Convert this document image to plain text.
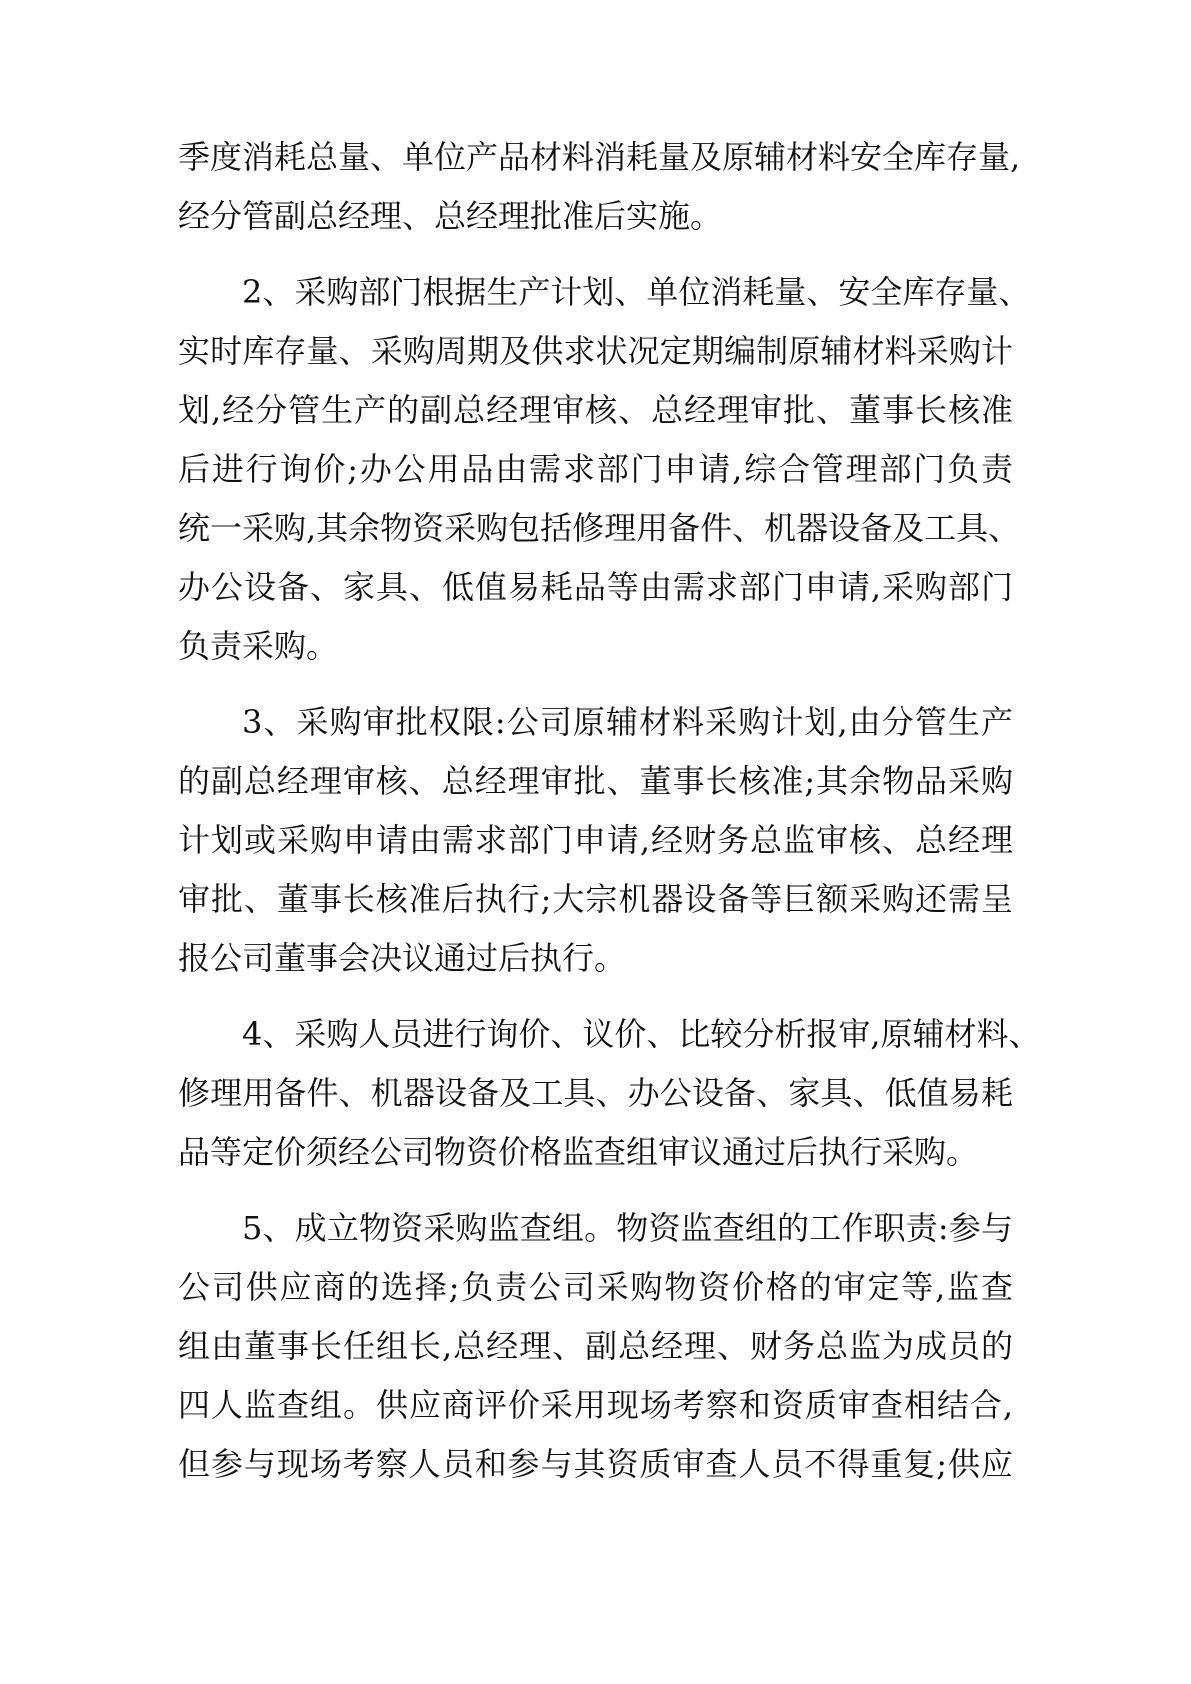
季度消耗总量、单位产品材料消耗量及原辅材料安全库存量,
经分管副总经理、总经理批准后实施。
2、采购部门根据生产计划、单位消耗量、安全库存量、
实时库存量、采购周期及供求状况定期编制原辅材料采购计
划,经分管生产的副总经理审核、总经理审批、董事长核准
后进行询价;办公用品由需求部门申请,综合管理部门负责
统一采购,其余物资采购包括修理用备件、机器设备及工具、
办公设备、家具、低值易耗品等由需求部门申请,采购部门
负责采购。
3、采购审批权限:公司原辅材料采购计划,由分管生产
的副总经理审核、总经理审批、董事长核准;其余物品采购
计划或采购申请由需求部门申请,经财务总监审核、总经理
审批、董事长核准后执行;大宗机器设备等巨额采购还需呈
报公司董事会决议通过后执行。
4、采购人员进行询价、议价、比较分析报审,原辅材料、
修理用备件、机器设备及工具、办公设备、家具、低值易耗
品等定价须经公司物资价格监查组审议通过后执行采购。
5、成立物资采购监查组。物资监查组的工作职责:参与
公司供应商的选择;负责公司采购物资价格的审定等,监查
组由董事长任组长,总经理、副总经理、财务总监为成员的
四人监查组。供应商评价采用现场考察和资质审查相结合,
但参与现场考察人员和参与其资质审查人员不得重复;供应
